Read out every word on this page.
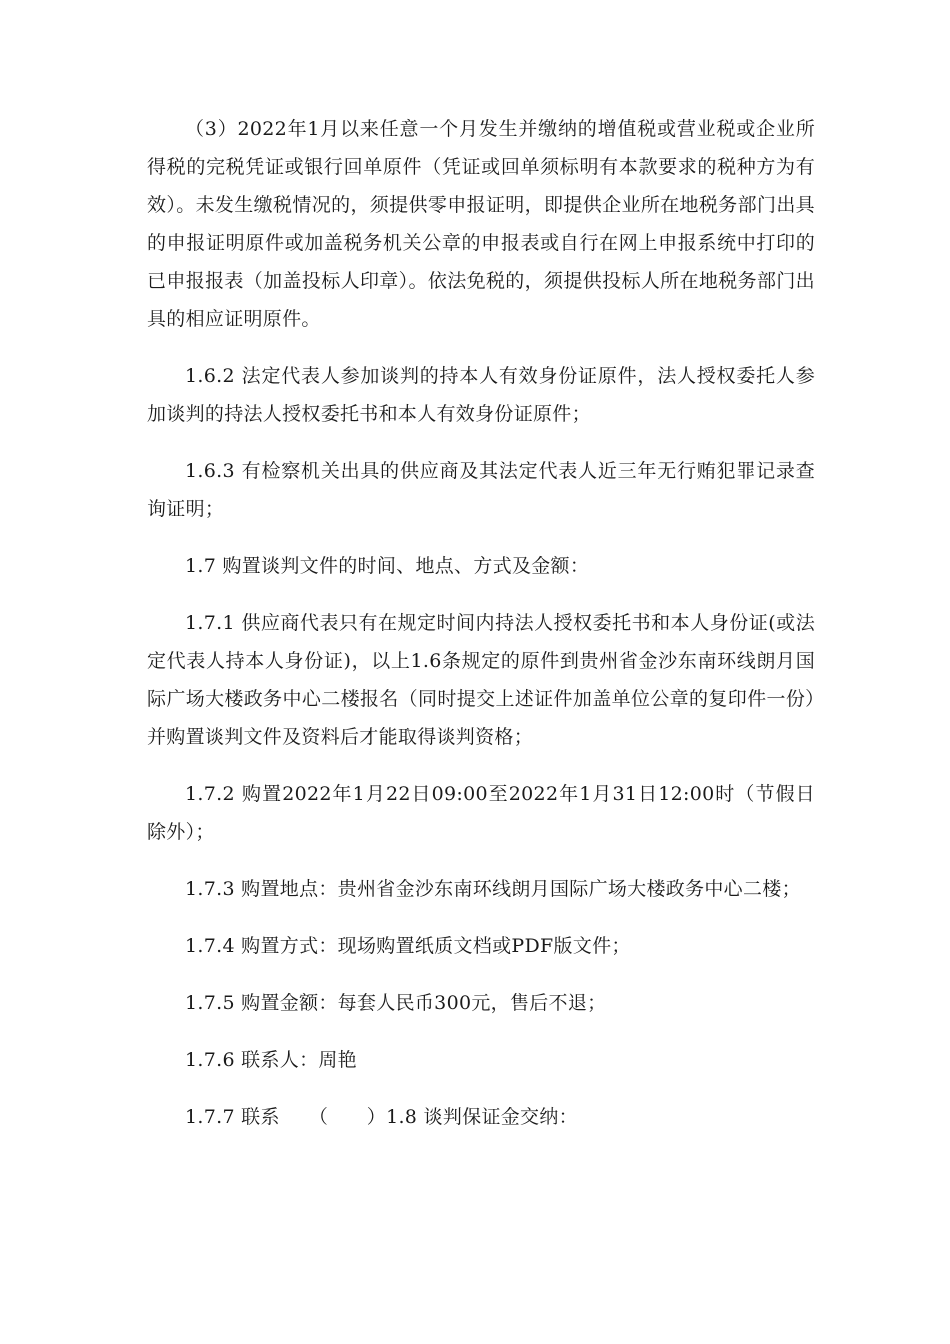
（3）2022年1月以来任意一个月发生并缴纳的增值税或营业税或企业所得税的完税凭证或银行回单原件（凭证或回单须标明有本款要求的税种方为有效）。未发生缴税情况的，须提供零申报证明，即提供企业所在地税务部门出具的申报证明原件或加盖税务机关公章的申报表或自行在网上申报系统中打印的已申报报表（加盖投标人印章）。依法免税的，须提供投标人所在地税务部门出具的相应证明原件。

1.6.2 法定代表人参加谈判的持本人有效身份证原件，法人授权委托人参加谈判的持法人授权委托书和本人有效身份证原件；

1.6.3 有检察机关出具的供应商及其法定代表人近三年无行贿犯罪记录查询证明；

1.7 购置谈判文件的时间、地点、方式及金额：

1.7.1 供应商代表只有在规定时间内持法人授权委托书和本人身份证(或法定代表人持本人身份证)，以上1.6条规定的原件到贵州省金沙东南环线朗月国际广场大楼政务中心二楼报名（同时提交上述证件加盖单位公章的复印件一份）并购置谈判文件及资料后才能取得谈判资格；

1.7.2 购置2022年1月22日09:00至2022年1月31日12:00时（节假日除外）；

1.7.3 购置地点：贵州省金沙东南环线朗月国际广场大楼政务中心二楼；

1.7.4 购置方式：现场购置纸质文档或PDF版文件；

1.7.5 购置金额：每套人民币300元，售后不退；

1.7.6 联系人：周艳

1.7.7 联系　　（　　）1.8 谈判保证金交纳：
